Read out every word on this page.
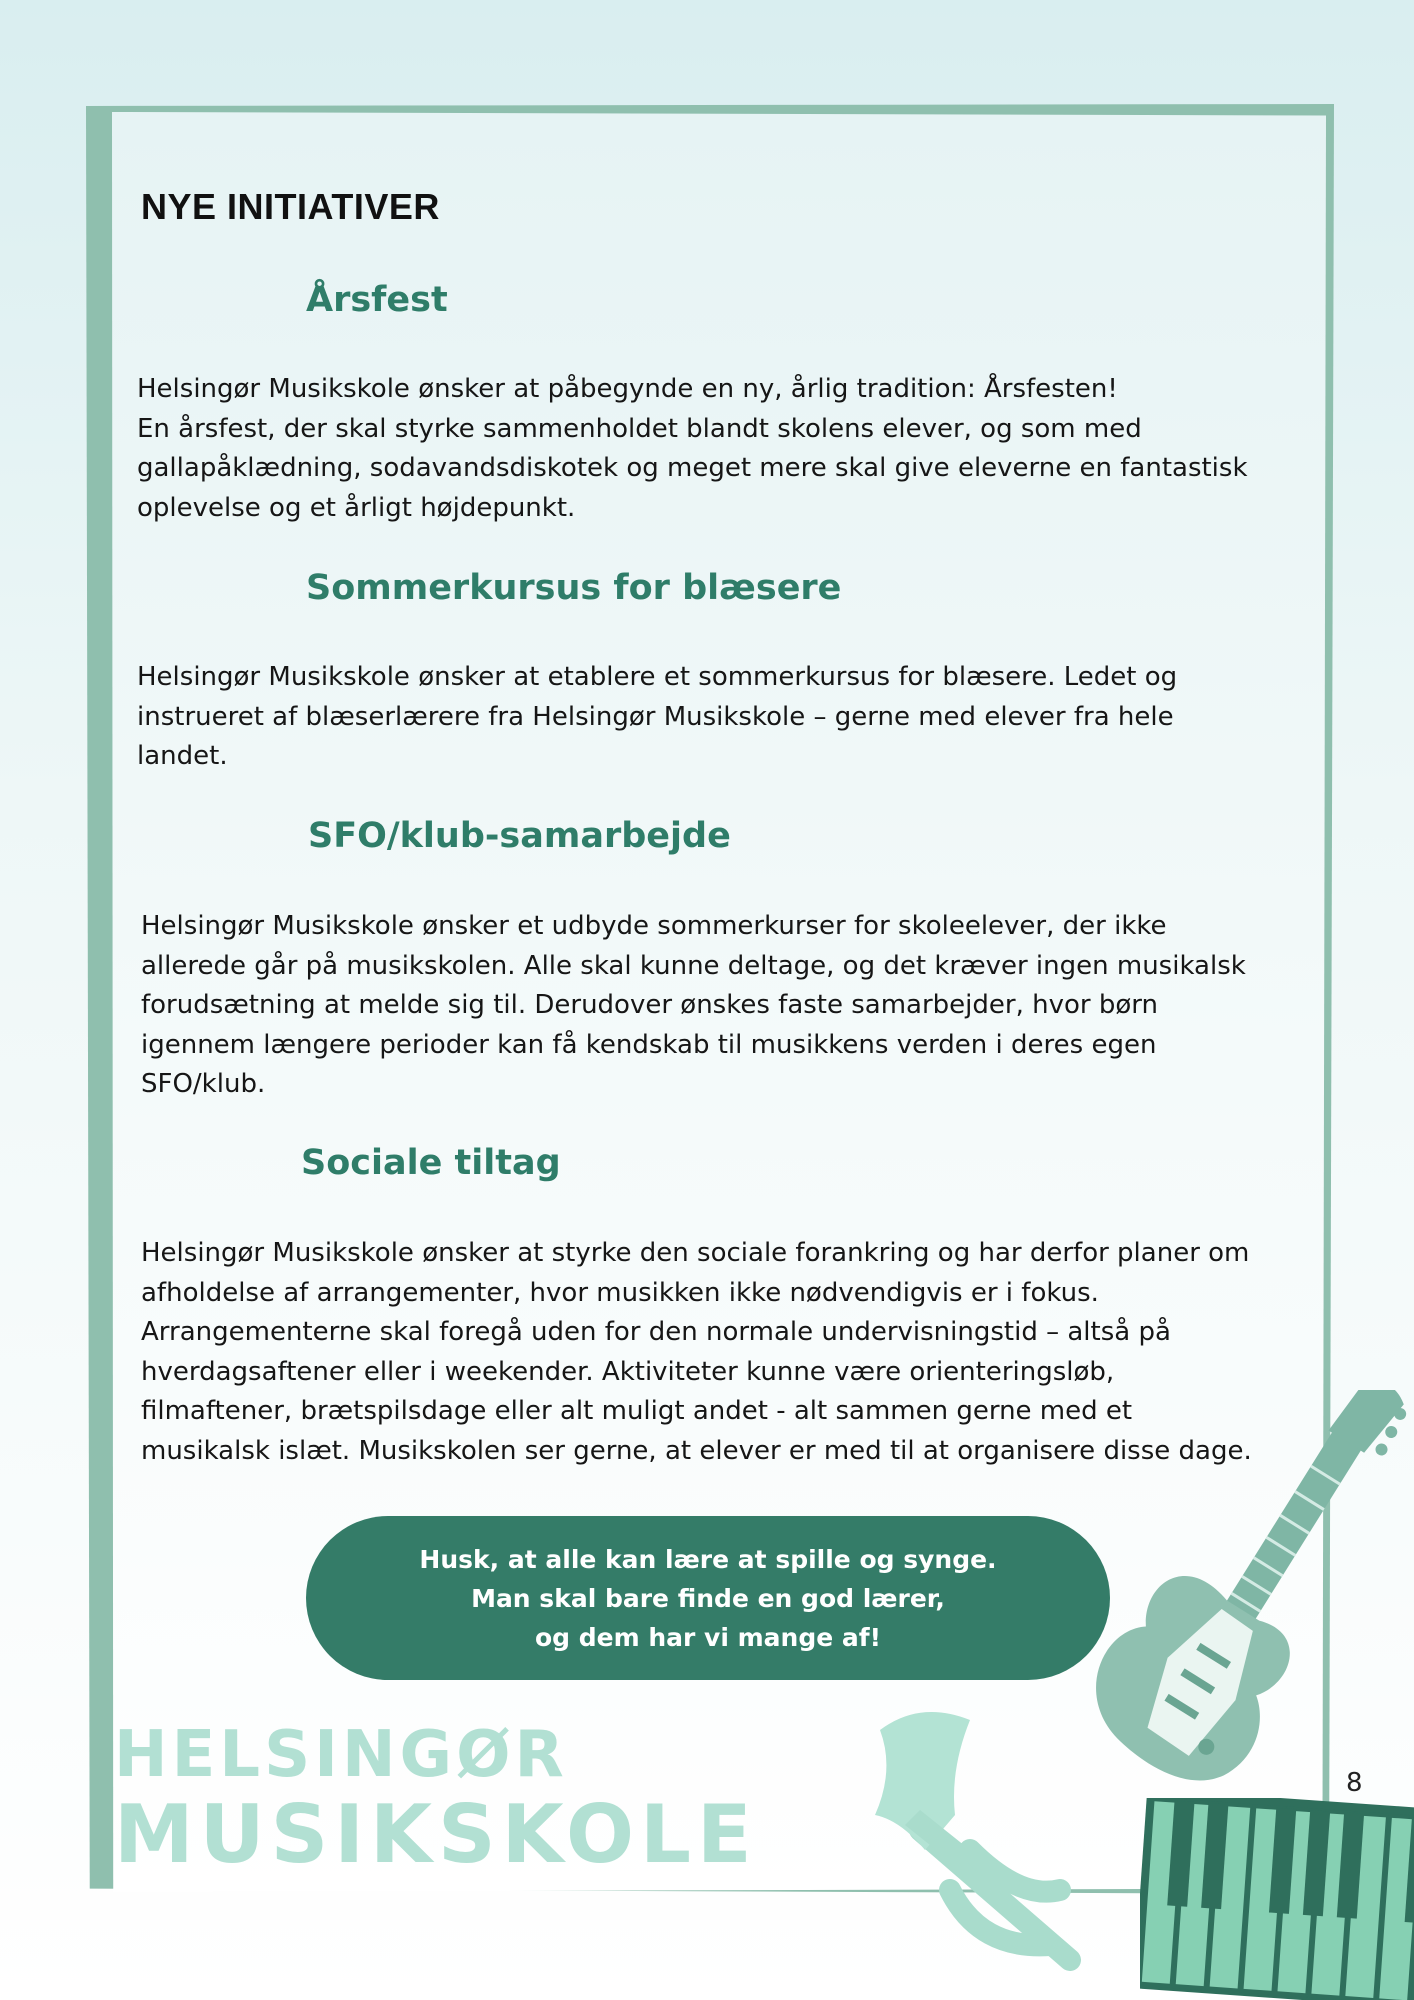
NYE INITIATIVER
Årsfest

Helsingør Musikskole ønsker at påbegynde en ny, årlig tradition: Årsfesten!
En årsfest, der skal styrke sammenholdet blandt skolens elever, og som med
gallapåklædning, sodavandsdiskotek og meget mere skal give eleverne en fantastisk
oplevelse og et årligt højdepunkt.

Sommerkursus for blæsere

Helsingør Musikskole ønsker at etablere et sommerkursus for blæsere. Ledet og
instrueret af blæserlærere fra Helsingør Musikskole – gerne med elever fra hele
landet.

SFO/klub-samarbejde

Helsingør Musikskole ønsker et udbyde sommerkurser for skoleelever, der ikke
allerede går på musikskolen. Alle skal kunne deltage, og det kræver ingen musikalsk
forudsætning at melde sig til. Derudover ønskes faste samarbejder, hvor børn
igennem længere perioder kan få kendskab til musikkens verden i deres egen
SFO/klub.

Sociale tiltag

Helsingør Musikskole ønsker at styrke den sociale forankring og har derfor planer om
afholdelse af arrangementer, hvor musikken ikke nødvendigvis er i fokus.
Arrangementerne skal foregå uden for den normale undervisningstid – altså på
hverdagsaftener eller i weekender. Aktiviteter kunne være orienteringsløb,
filmaftener, brætspilsdage eller alt muligt andet - alt sammen gerne med et
musikalsk islæt. Musikskolen ser gerne, at elever er med til at organisere disse dage.

Husk, at alle kan lære at spille og synge.
Man skal bare finde en god lærer,
og dem har vi mange af!
HELSINGØR
MUSIKSKOLE
8
